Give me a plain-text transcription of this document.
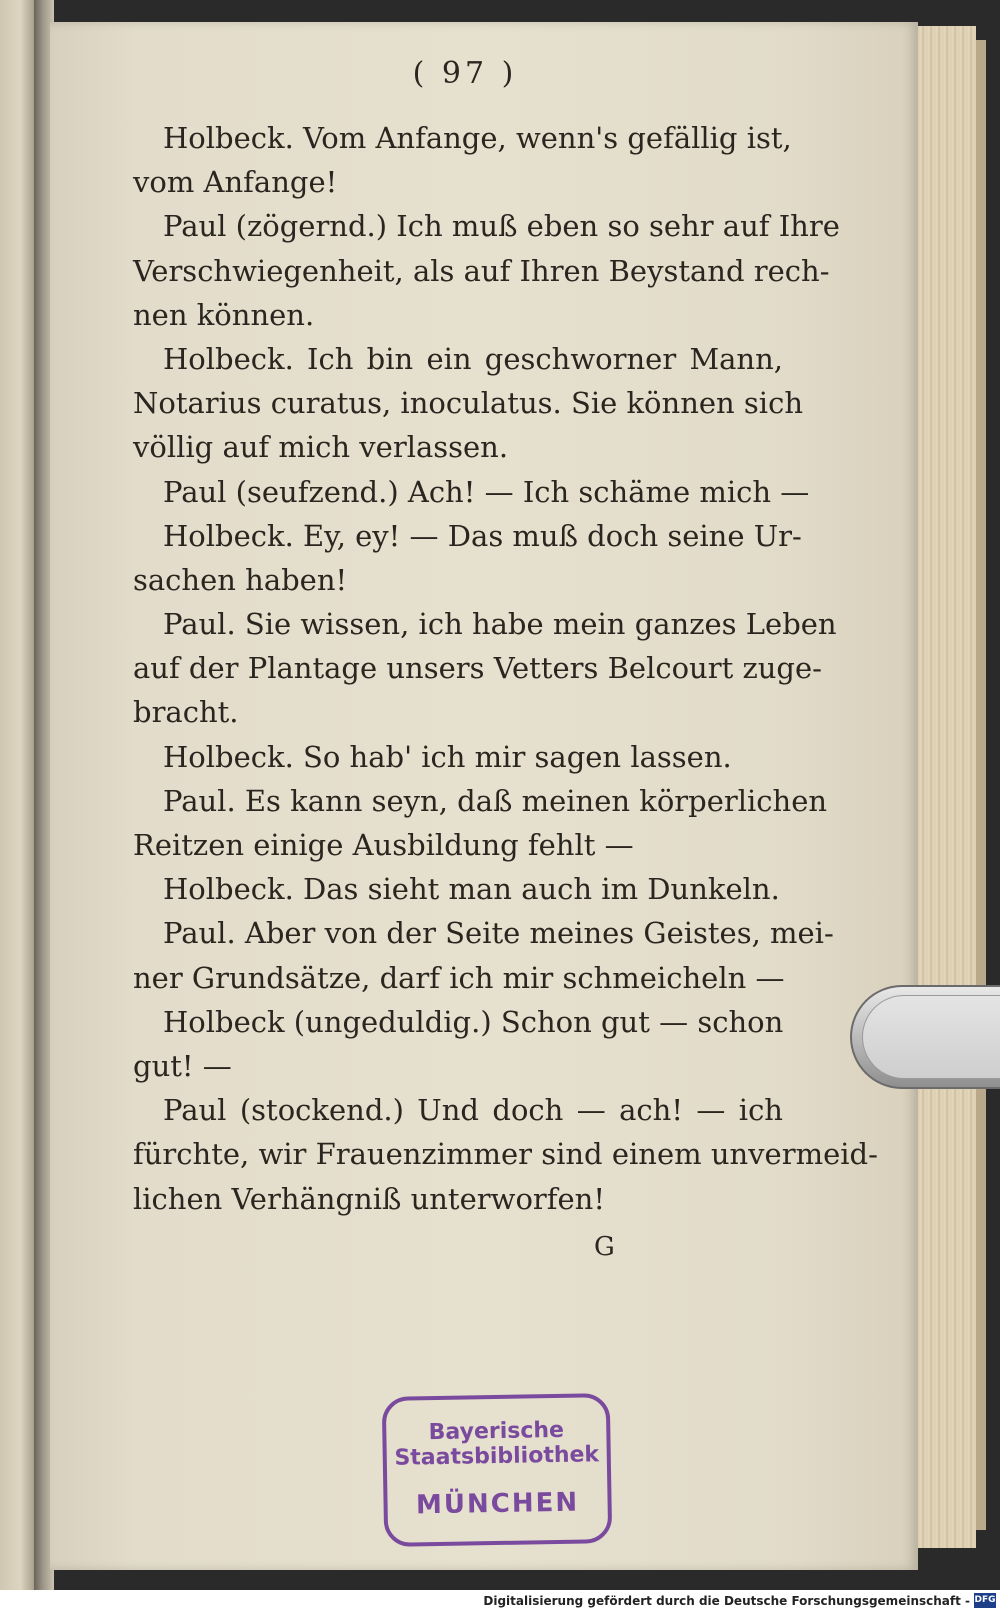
( 97 )
Holbeck. Vom Anfange, wenn's gefällig ist,
vom Anfange!
Paul (zögernd.) Ich muß eben so sehr auf Ihre
Verschwiegenheit, als auf Ihren Beystand rech-
nen können.
Holbeck. Ich bin ein geschworner Mann,
Notarius curatus, inoculatus. Sie können sich
völlig auf mich verlassen.
Paul (seufzend.) Ach! — Ich schäme mich —
Holbeck. Ey, ey! — Das muß doch seine Ur-
sachen haben!
Paul. Sie wissen, ich habe mein ganzes Leben
auf der Plantage unsers Vetters Belcourt zuge-
bracht.
Holbeck. So hab' ich mir sagen lassen.
Paul. Es kann seyn, daß meinen körperlichen
Reitzen einige Ausbildung fehlt —
Holbeck. Das sieht man auch im Dunkeln.
Paul. Aber von der Seite meines Geistes, mei-
ner Grundsätze, darf ich mir schmeicheln —
Holbeck (ungeduldig.) Schon gut — schon
gut! —
Paul (stockend.) Und doch — ach! — ich
fürchte, wir Frauenzimmer sind einem unvermeid-
lichen Verhängniß unterworfen!
G
Bayerische
Staatsbibliothek
MÜNCHEN
Digitalisierung gefördert durch die Deutsche Forschungsgemeinschaft - DFG
